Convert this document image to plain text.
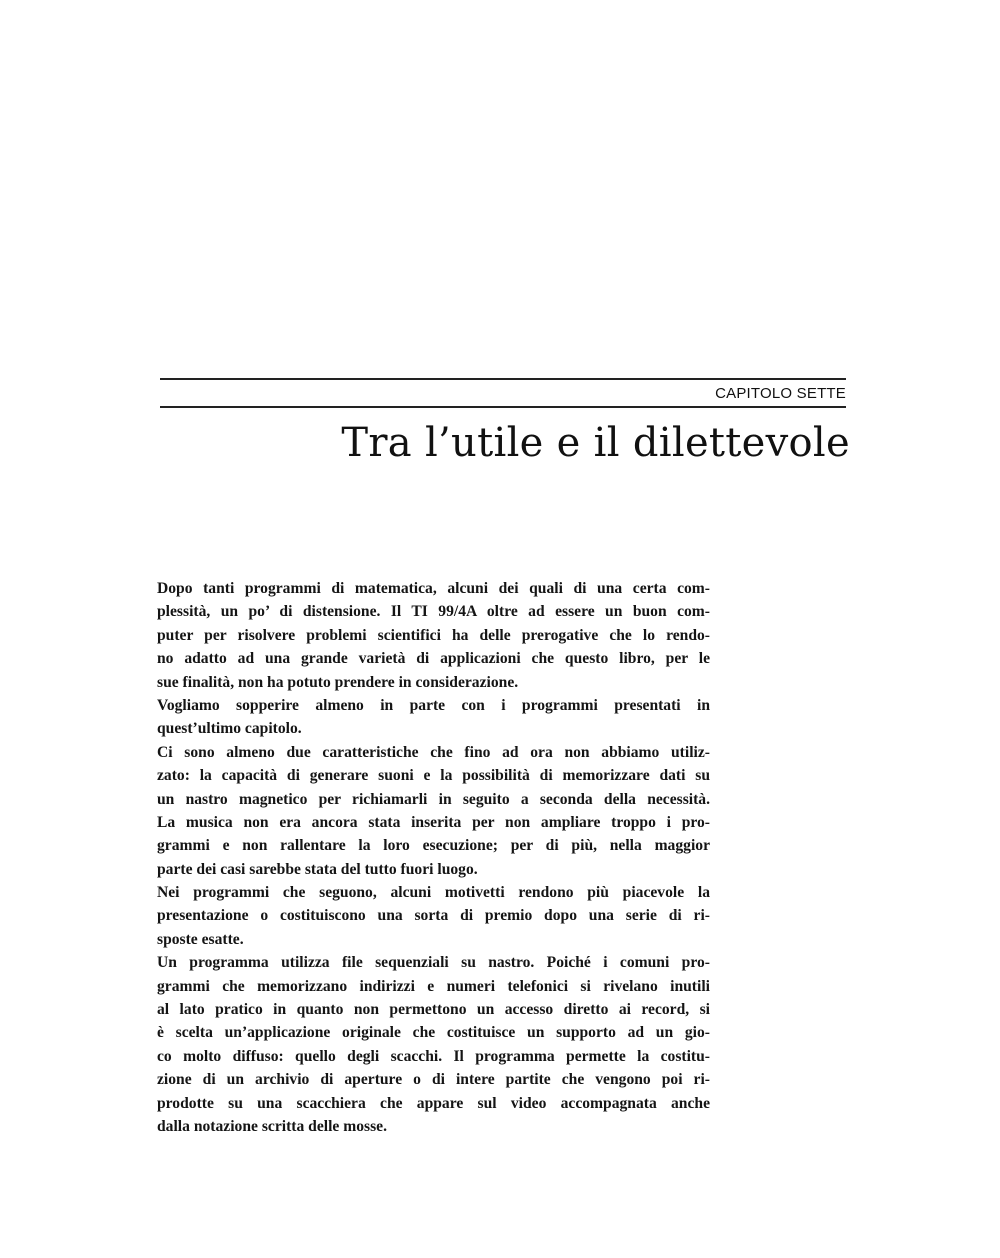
CAPITOLO SETTE
Tra l’utile e il dilettevole
Dopo tanti programmi di matematica, alcuni dei quali di una certa com-
plessità, un po’ di distensione. Il TI 99/4A oltre ad essere un buon com-
puter per risolvere problemi scientifici ha delle prerogative che lo rendo-
no adatto ad una grande varietà di applicazioni che questo libro, per le
sue finalità, non ha potuto prendere in considerazione.
Vogliamo sopperire almeno in parte con i programmi presentati in
quest’ultimo capitolo.
Ci sono almeno due caratteristiche che fino ad ora non abbiamo utiliz-
zato: la capacità di generare suoni e la possibilità di memorizzare dati su
un nastro magnetico per richiamarli in seguito a seconda della necessità.
La musica non era ancora stata inserita per non ampliare troppo i pro-
grammi e non rallentare la loro esecuzione; per di più, nella maggior
parte dei casi sarebbe stata del tutto fuori luogo.
Nei programmi che seguono, alcuni motivetti rendono più piacevole la
presentazione o costituiscono una sorta di premio dopo una serie di ri-
sposte esatte.
Un programma utilizza file sequenziali su nastro. Poiché i comuni pro-
grammi che memorizzano indirizzi e numeri telefonici si rivelano inutili
al lato pratico in quanto non permettono un accesso diretto ai record, si
è scelta un’applicazione originale che costituisce un supporto ad un gio-
co molto diffuso: quello degli scacchi. Il programma permette la costitu-
zione di un archivio di aperture o di intere partite che vengono poi ri-
prodotte su una scacchiera che appare sul video accompagnata anche
dalla notazione scritta delle mosse.
